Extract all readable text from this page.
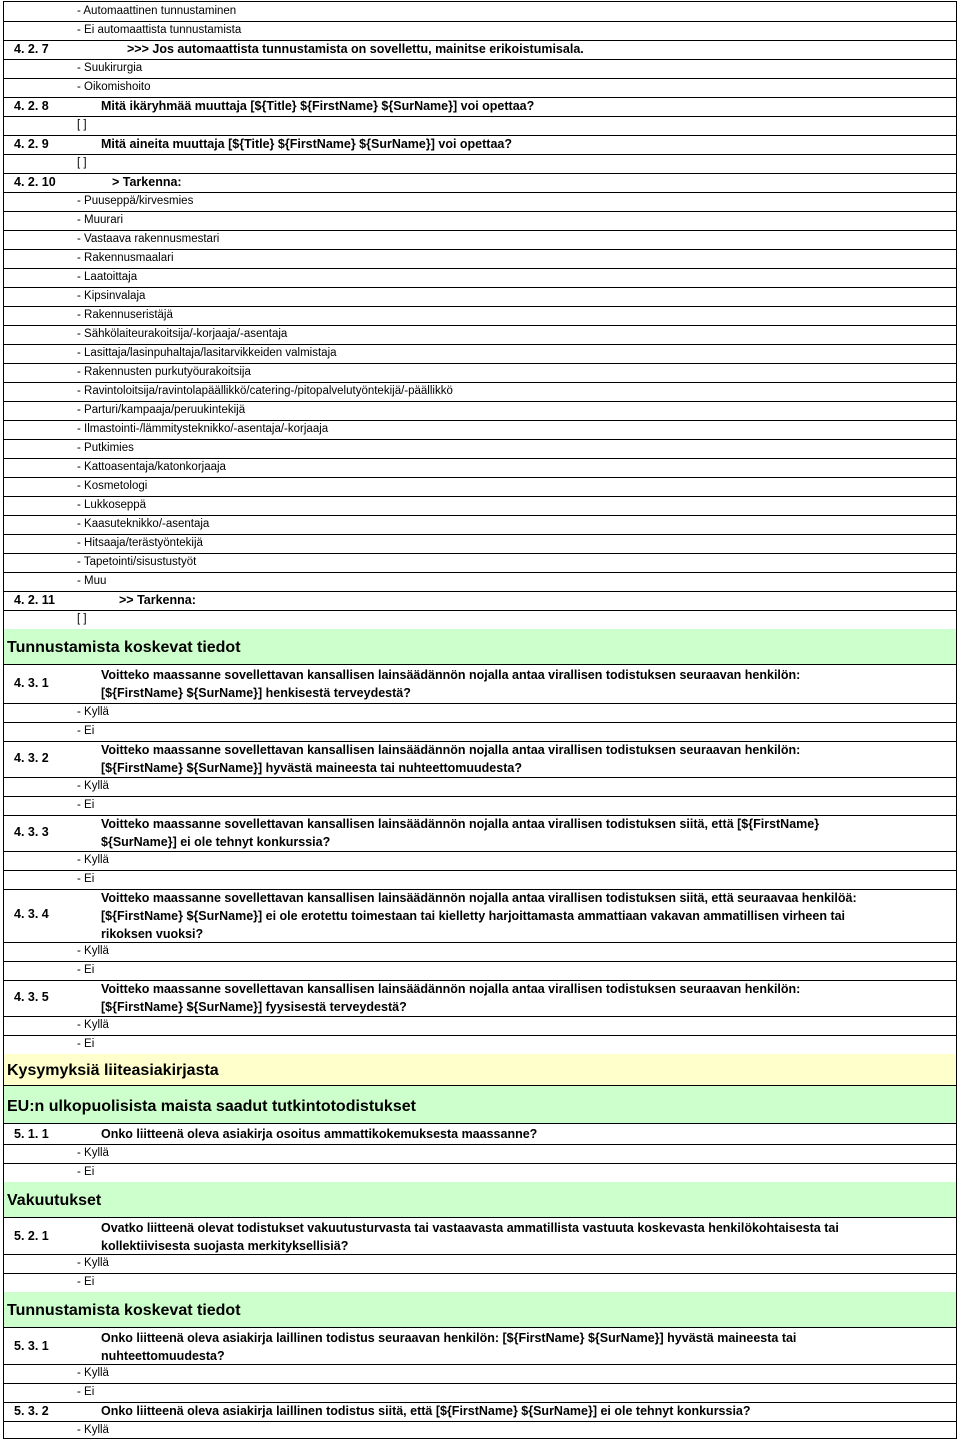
- Automaattinen tunnustaminen
- Ei automaattista tunnustamista
4. 2. 7	>>> Jos automaattista tunnustamista on sovellettu, mainitse erikoistumisala.
- Suukirurgia
- Oikomishoito
4. 2. 8	Mitä ikäryhmää muuttaja [${Title} ${FirstName} ${SurName}] voi opettaa?
[ ]
4. 2. 9	Mitä aineita muuttaja [${Title} ${FirstName} ${SurName}] voi opettaa?
[ ]
4. 2. 10	> Tarkenna:
- Puuseppä/kirvesmies
- Muurari
- Vastaava rakennusmestari
- Rakennusmaalari
- Laatoittaja
- Kipsinvalaja
- Rakennuseristäjä
- Sähkölaiteurakoitsija/-korjaaja/-asentaja
- Lasittaja/lasinpuhaltaja/lasitarvikkeiden valmistaja
- Rakennusten purkutyöurakoitsija
- Ravintoloitsija/ravintolapäällikkö/catering-/pitopalvelutyöntekijä/-päällikkö
- Parturi/kampaaja/peruukintekijä
- Ilmastointi-/lämmitysteknikko/-asentaja/-korjaaja
- Putkimies
- Kattoasentaja/katonkorjaaja
- Kosmetologi
- Lukkoseppä
- Kaasuteknikko/-asentaja
- Hitsaaja/terästyöntekijä
- Tapetointi/sisustustyöt
- Muu
4. 2. 11	>> Tarkenna:
[ ]
Tunnustamista koskevat tiedot
4. 3. 1
Voitteko maassanne sovellettavan kansallisen lainsäädännön nojalla antaa virallisen todistuksen seuraavan henkilön:
[${FirstName} ${SurName}] henkisestä terveydestä?
- Kyllä
- Ei
4. 3. 2
Voitteko maassanne sovellettavan kansallisen lainsäädännön nojalla antaa virallisen todistuksen seuraavan henkilön:
[${FirstName} ${SurName}] hyvästä maineesta tai nuhteettomuudesta?
- Kyllä
- Ei
4. 3. 3
Voitteko maassanne sovellettavan kansallisen lainsäädännön nojalla antaa virallisen todistuksen siitä, että [${FirstName}
${SurName}] ei ole tehnyt konkurssia?
- Kyllä
- Ei
4. 3. 4
Voitteko maassanne sovellettavan kansallisen lainsäädännön nojalla antaa virallisen todistuksen siitä, että seuraavaa henkilöä:
[${FirstName} ${SurName}] ei ole erotettu toimestaan tai kielletty harjoittamasta ammattiaan vakavan ammatillisen virheen tai
rikoksen vuoksi?
- Kyllä
- Ei
4. 3. 5
Voitteko maassanne sovellettavan kansallisen lainsäädännön nojalla antaa virallisen todistuksen seuraavan henkilön:
[${FirstName} ${SurName}] fyysisestä terveydestä?
- Kyllä
- Ei
Kysymyksiä liiteasiakirjasta
EU:n ulkopuolisista maista saadut tutkintotodistukset
5. 1. 1	Onko liitteenä oleva asiakirja osoitus ammattikokemuksesta maassanne?
- Kyllä
- Ei
Vakuutukset
5. 2. 1
Ovatko liitteenä olevat todistukset vakuutusturvasta tai vastaavasta ammatillista vastuuta koskevasta henkilökohtaisesta tai
kollektiivisesta suojasta merkityksellisiä?
- Kyllä
- Ei
Tunnustamista koskevat tiedot
5. 3. 1
Onko liitteenä oleva asiakirja laillinen todistus seuraavan henkilön: [${FirstName} ${SurName}] hyvästä maineesta tai
nuhteettomuudesta?
- Kyllä
- Ei
5. 3. 2	Onko liitteenä oleva asiakirja laillinen todistus siitä, että [${FirstName} ${SurName}] ei ole tehnyt konkurssia?
- Kyllä
